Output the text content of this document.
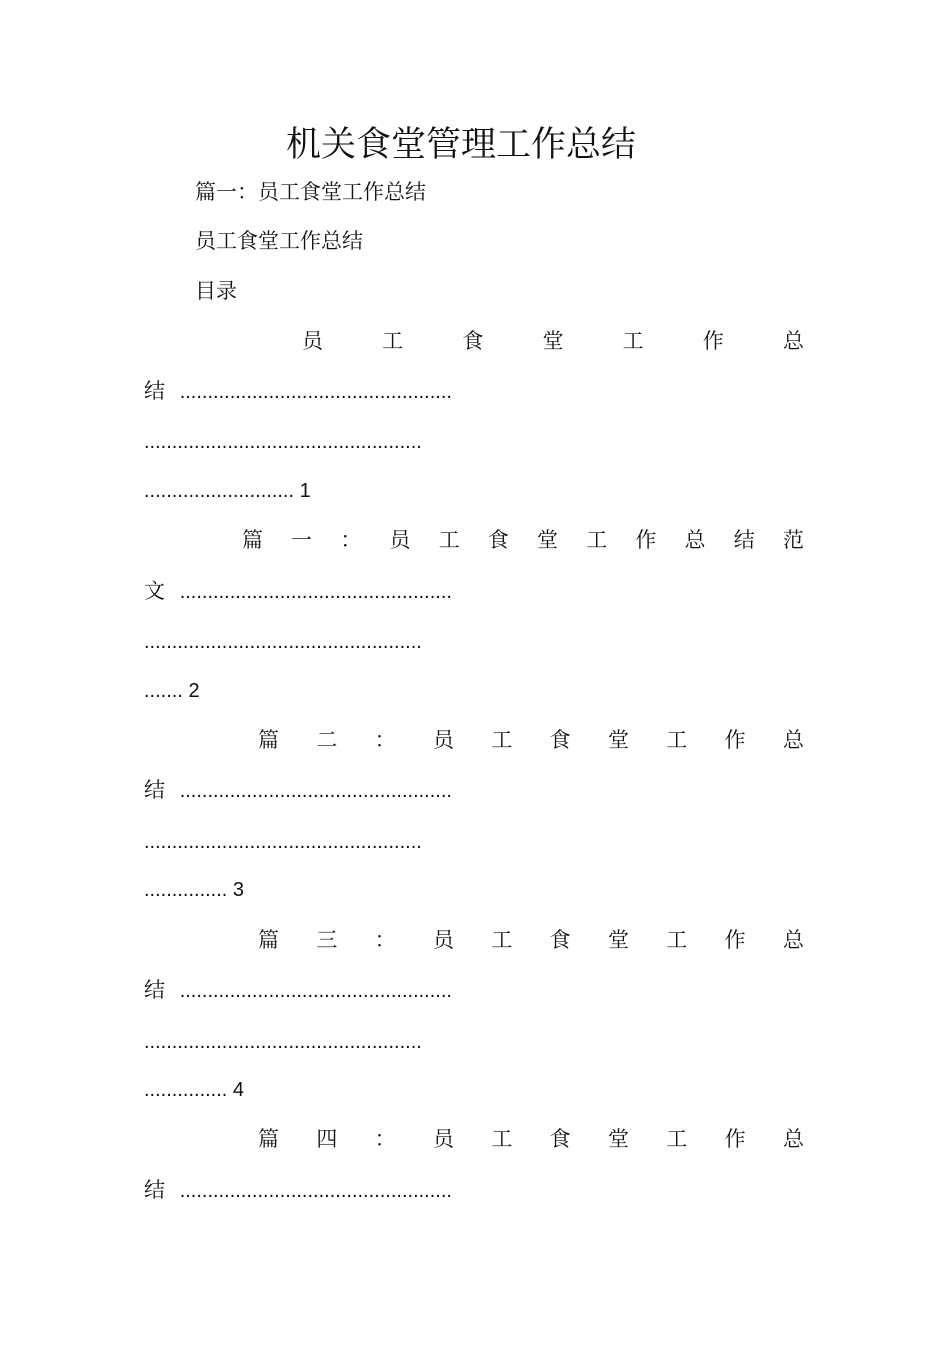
机关食堂管理工作总结
篇一：员工食堂工作总结
员工食堂工作总结
目录
员	工	食	堂	工	作	总
结 .................................................
..................................................
........................... 1
篇 一 ： 员 工 食 堂 工 作 总 结 范
文 .................................................
..................................................
....... 2
篇 二 ： 员 工 食 堂 工 作 总
结 .................................................
..................................................
............... 3
篇 三 ： 员 工 食 堂 工 作 总
结 .................................................
..................................................
............... 4
篇 四 ： 员 工 食 堂 工 作 总
结 .................................................
